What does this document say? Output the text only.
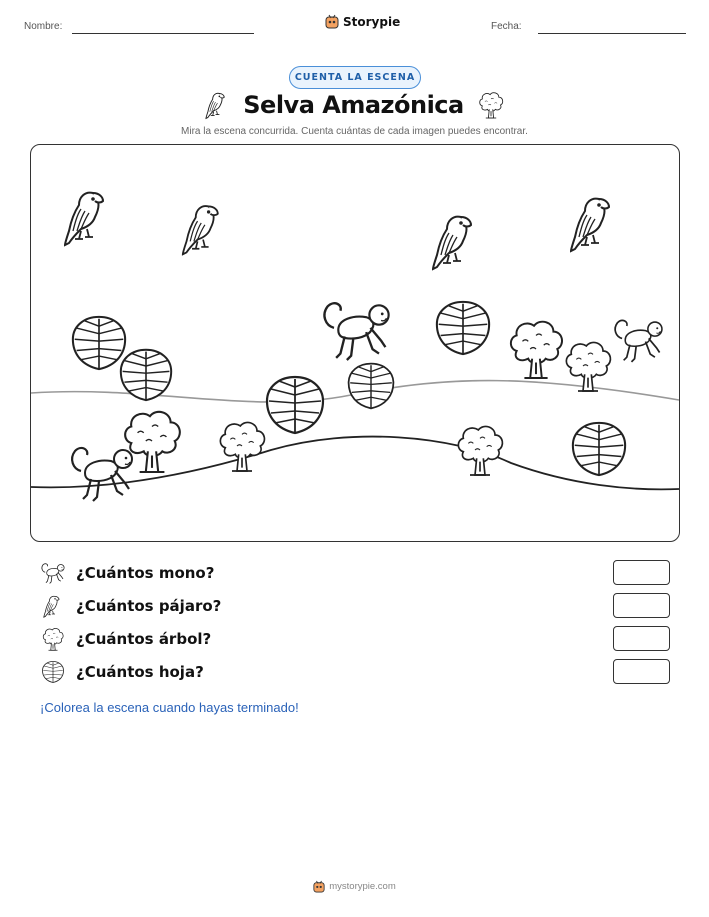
Nombre:	Storypie	Fecha:
CUENTA LA ESCENA
Selva Amazónica
Mira la escena concurrida. Cuenta cuántas de cada imagen puedes encontrar.
¿Cuántos mono?
¿Cuántos pájaro?
¿Cuántos árbol?
¿Cuántos hoja?
¡Colorea la escena cuando hayas terminado!
mystorypie.com
